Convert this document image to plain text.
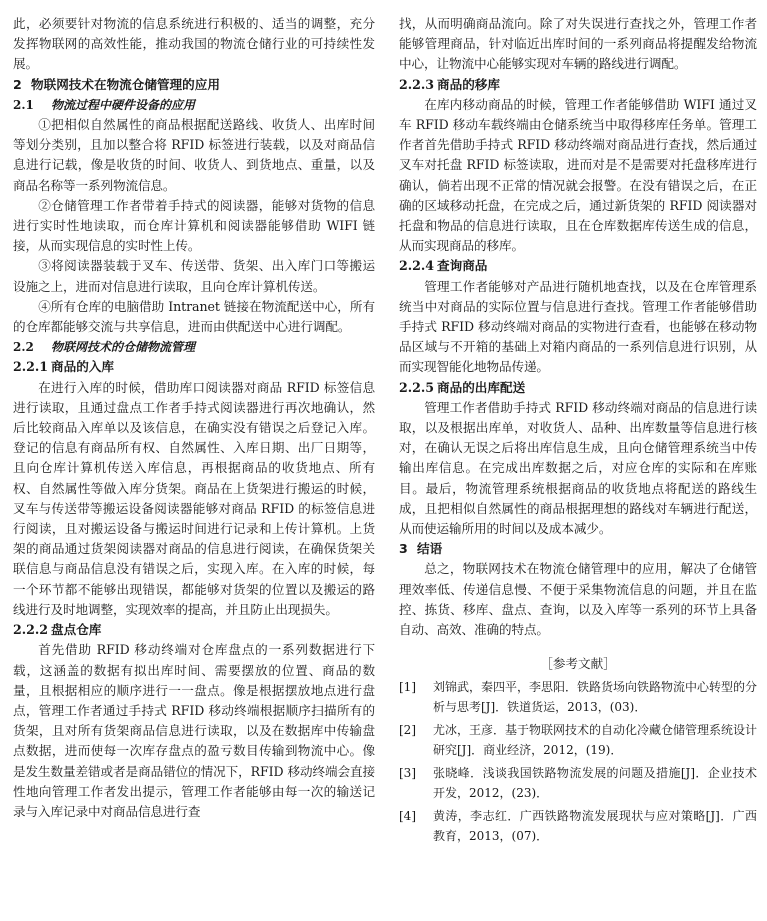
此，必须要针对物流的信息系统进行积极的、适当的调整，充分发挥物联网的高效性能，推动我国的物流仓储行业的可持续性发展。

2 物联网技术在物流仓储管理的应用
2.1 物流过程中硬件设备的应用

①把相似自然属性的商品根据配送路线、收货人、出库时间等划分类别，且加以整合将 RFID 标签进行装载，以及对商品信息进行记载，像是收货的时间、收货人、到货地点、重量，以及商品名称等一系列物流信息。

②仓储管理工作者带着手持式的阅读器，能够对货物的信息进行实时性地读取，而仓库计算机和阅读器能够借助 WIFI 链接，从而实现信息的实时性上传。

③将阅读器装载于叉车、传送带、货架、出入库门口等搬运设施之上，进而对信息进行读取，且向仓库计算机传送。

④所有仓库的电脑借助 Intranet 链接在物流配送中心，所有的仓库都能够交流与共享信息，进而由供配送中心进行调配。

2.2 物联网技术的仓储物流管理
2.2.1 商品的入库

在进行入库的时候，借助库口阅读器对商品 RFID 标签信息进行读取，且通过盘点工作者手持式阅读器进行再次地确认，然后比较商品入库单以及该信息，在确实没有错误之后登记入库。登记的信息有商品所有权、自然属性、入库日期、出厂日期等，且向仓库计算机传送入库信息，再根据商品的收货地点、所有权、自然属性等做入库分货架。商品在上货架进行搬运的时候，叉车与传送带等搬运设备阅读器能够对商品 RFID 的标签信息进行阅读，且对搬运设备与搬运时间进行记录和上传计算机。上货架的商品通过货架阅读器对商品的信息进行阅读，在确保货架关联信息与商品信息没有错误之后，实现入库。在入库的时候，每一个环节都不能够出现错误，都能够对货架的位置以及搬运的路线进行及时地调整，实现效率的提高，并且防止出现损失。

2.2.2 盘点仓库

首先借助 RFID 移动终端对仓库盘点的一系列数据进行下载，这涵盖的数据有拟出库时间、需要摆放的位置、商品的数量，且根据相应的顺序进行一一盘点。像是根据摆放地点进行盘点，管理工作者通过手持式 RFID 移动终端根据顺序扫描所有的货架，且对所有货架商品信息进行读取，以及在数据库中传输盘点数据，进而使每一次库存盘点的盈亏数目传输到物流中心。像是发生数量差错或者是商品错位的情况下，RFID 移动终端会直接性地向管理工作者发出提示，管理工作者能够由每一次的输送记录与入库记录中对商品信息进行查

找，从而明确商品流向。除了对失误进行查找之外，管理工作者能够管理商品，针对临近出库时间的一系列商品将提醒发给物流中心，让物流中心能够实现对车辆的路线进行调配。

2.2.3 商品的移库

在库内移动商品的时候，管理工作者能够借助 WIFI 通过叉车 RFID 移动车载终端由仓储系统当中取得移库任务单。管理工作者首先借助手持式 RFID 移动终端对商品进行查找，然后通过叉车对托盘 RFID 标签读取，进而对是不是需要对托盘移库进行确认，倘若出现不正常的情况就会报警。在没有错误之后，在正确的区域移动托盘，在完成之后，通过新货架的 RFID 阅读器对托盘和物品的信息进行读取，且在仓库数据库传送生成的信息，从而实现商品的移库。

2.2.4 查询商品

管理工作者能够对产品进行随机地查找，以及在仓库管理系统当中对商品的实际位置与信息进行查找。管理工作者能够借助手持式 RFID 移动终端对商品的实物进行查看，也能够在移动物品区域与不开箱的基础上对箱内商品的一系列信息进行识别，从而实现智能化地物品传递。

2.2.5 商品的出库配送

管理工作者借助手持式 RFID 移动终端对商品的信息进行读取，以及根据出库单，对收货人、品种、出库数量等信息进行核对，在确认无误之后将出库信息生成，且向仓储管理系统当中传输出库信息。在完成出库数据之后，对应仓库的实际和在库账目。最后，物流管理系统根据商品的收货地点将配送的路线生成，且把相似自然属性的商品根据理想的路线对车辆进行配送，从而使运输所用的时间以及成本减少。

3 结语

总之，物联网技术在物流仓储管理中的应用，解决了仓储管理效率低、传递信息慢、不便于采集物流信息的问题，并且在监控、拣货、移库、盘点、查询，以及入库等一系列的环节上具备自动、高效、准确的特点。

［参考文献］
[1] 刘锦武，秦四平，李思阳．铁路货场向铁路物流中心转型的分析与思考[J]．铁道货运，2013，(03)．
[2] 尤冰，王彦．基于物联网技术的自动化冷藏仓储管理系统设计研究[J]．商业经济，2012，(19)．
[3] 张晓峰．浅谈我国铁路物流发展的问题及措施[J]．企业技术开发，2012，(23)．
[4] 黄涛，李志红．广西铁路物流发展现状与应对策略[J]．广西教育，2013，(07)．
